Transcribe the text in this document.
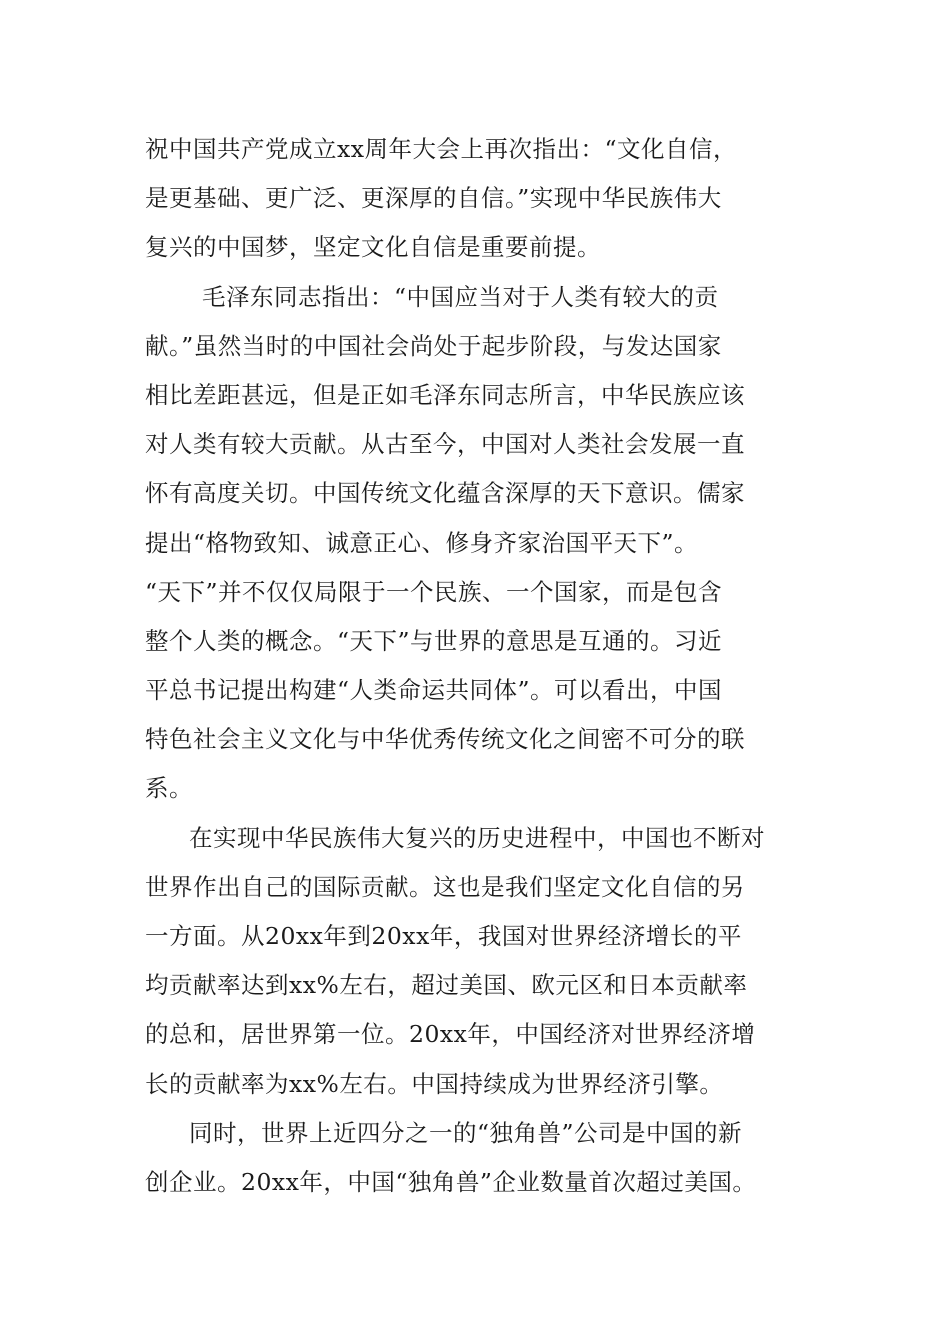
祝中国共产党成立xx周年大会上再次指出：“文化自信，
是更基础、更广泛、更深厚的自信。”实现中华民族伟大
复兴的中国梦，坚定文化自信是重要前提。
毛泽东同志指出：“中国应当对于人类有较大的贡
献。”虽然当时的中国社会尚处于起步阶段，与发达国家
相比差距甚远，但是正如毛泽东同志所言，中华民族应该
对人类有较大贡献。从古至今，中国对人类社会发展一直
怀有高度关切。中国传统文化蕴含深厚的天下意识。儒家
提出“格物致知、诚意正心、修身齐家治国平天下”。
“天下”并不仅仅局限于一个民族、一个国家，而是包含
整个人类的概念。“天下”与世界的意思是互通的。习近
平总书记提出构建“人类命运共同体”。可以看出，中国
特色社会主义文化与中华优秀传统文化之间密不可分的联
系。
在实现中华民族伟大复兴的历史进程中，中国也不断对
世界作出自己的国际贡献。这也是我们坚定文化自信的另
一方面。从20xx年到20xx年，我国对世界经济增长的平
均贡献率达到xx%左右，超过美国、欧元区和日本贡献率
的总和，居世界第一位。20xx年，中国经济对世界经济增
长的贡献率为xx%左右。中国持续成为世界经济引擎。
同时，世界上近四分之一的“独角兽”公司是中国的新
创企业。20xx年，中国“独角兽”企业数量首次超过美国。
